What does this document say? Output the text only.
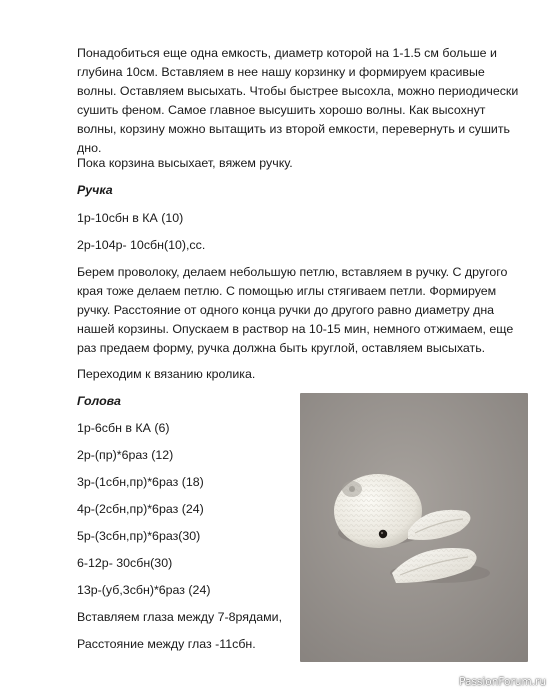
Понадобиться еще одна емкость, диаметр которой на 1-1.5 см больше и глубина 10см. Вставляем в нее нашу корзинку и формируем красивые волны. Оставляем высыхать. Чтобы быстрее высохла, можно периодически сушить феном. Самое главное высушить хорошо волны. Как высохнут волны, корзину можно вытащить из второй емкости, перевернуть и сушить дно.

Пока корзина высыхает, вяжем ручку.

Ручка

1р-10сбн в КА (10)

2р-104р- 10сбн(10),сс.

Берем проволоку, делаем небольшую петлю, вставляем в ручку. С другого края тоже делаем петлю. С помощью иглы стягиваем петли. Формируем ручку. Расстояние от одного конца ручки до другого равно диаметру дна нашей корзины. Опускаем в раствор на 10-15 мин, немного отжимаем, еще раз предаем форму, ручка должна быть круглой, оставляем высыхать.

Переходим к вязанию кролика.

Голова

1р-6сбн в КА (6)

2р-(пр)*6раз (12)

3р-(1сбн,пр)*6раз (18)

4р-(2сбн,пр)*6раз (24)

5р-(3сбн,пр)*6раз(30)

6-12р- 30сбн(30)

13р-(уб,3сбн)*6раз (24)

Вставляем глаза между 7-8рядами,

Расстояние между глаз -11сбн.

PassionForum.ru
